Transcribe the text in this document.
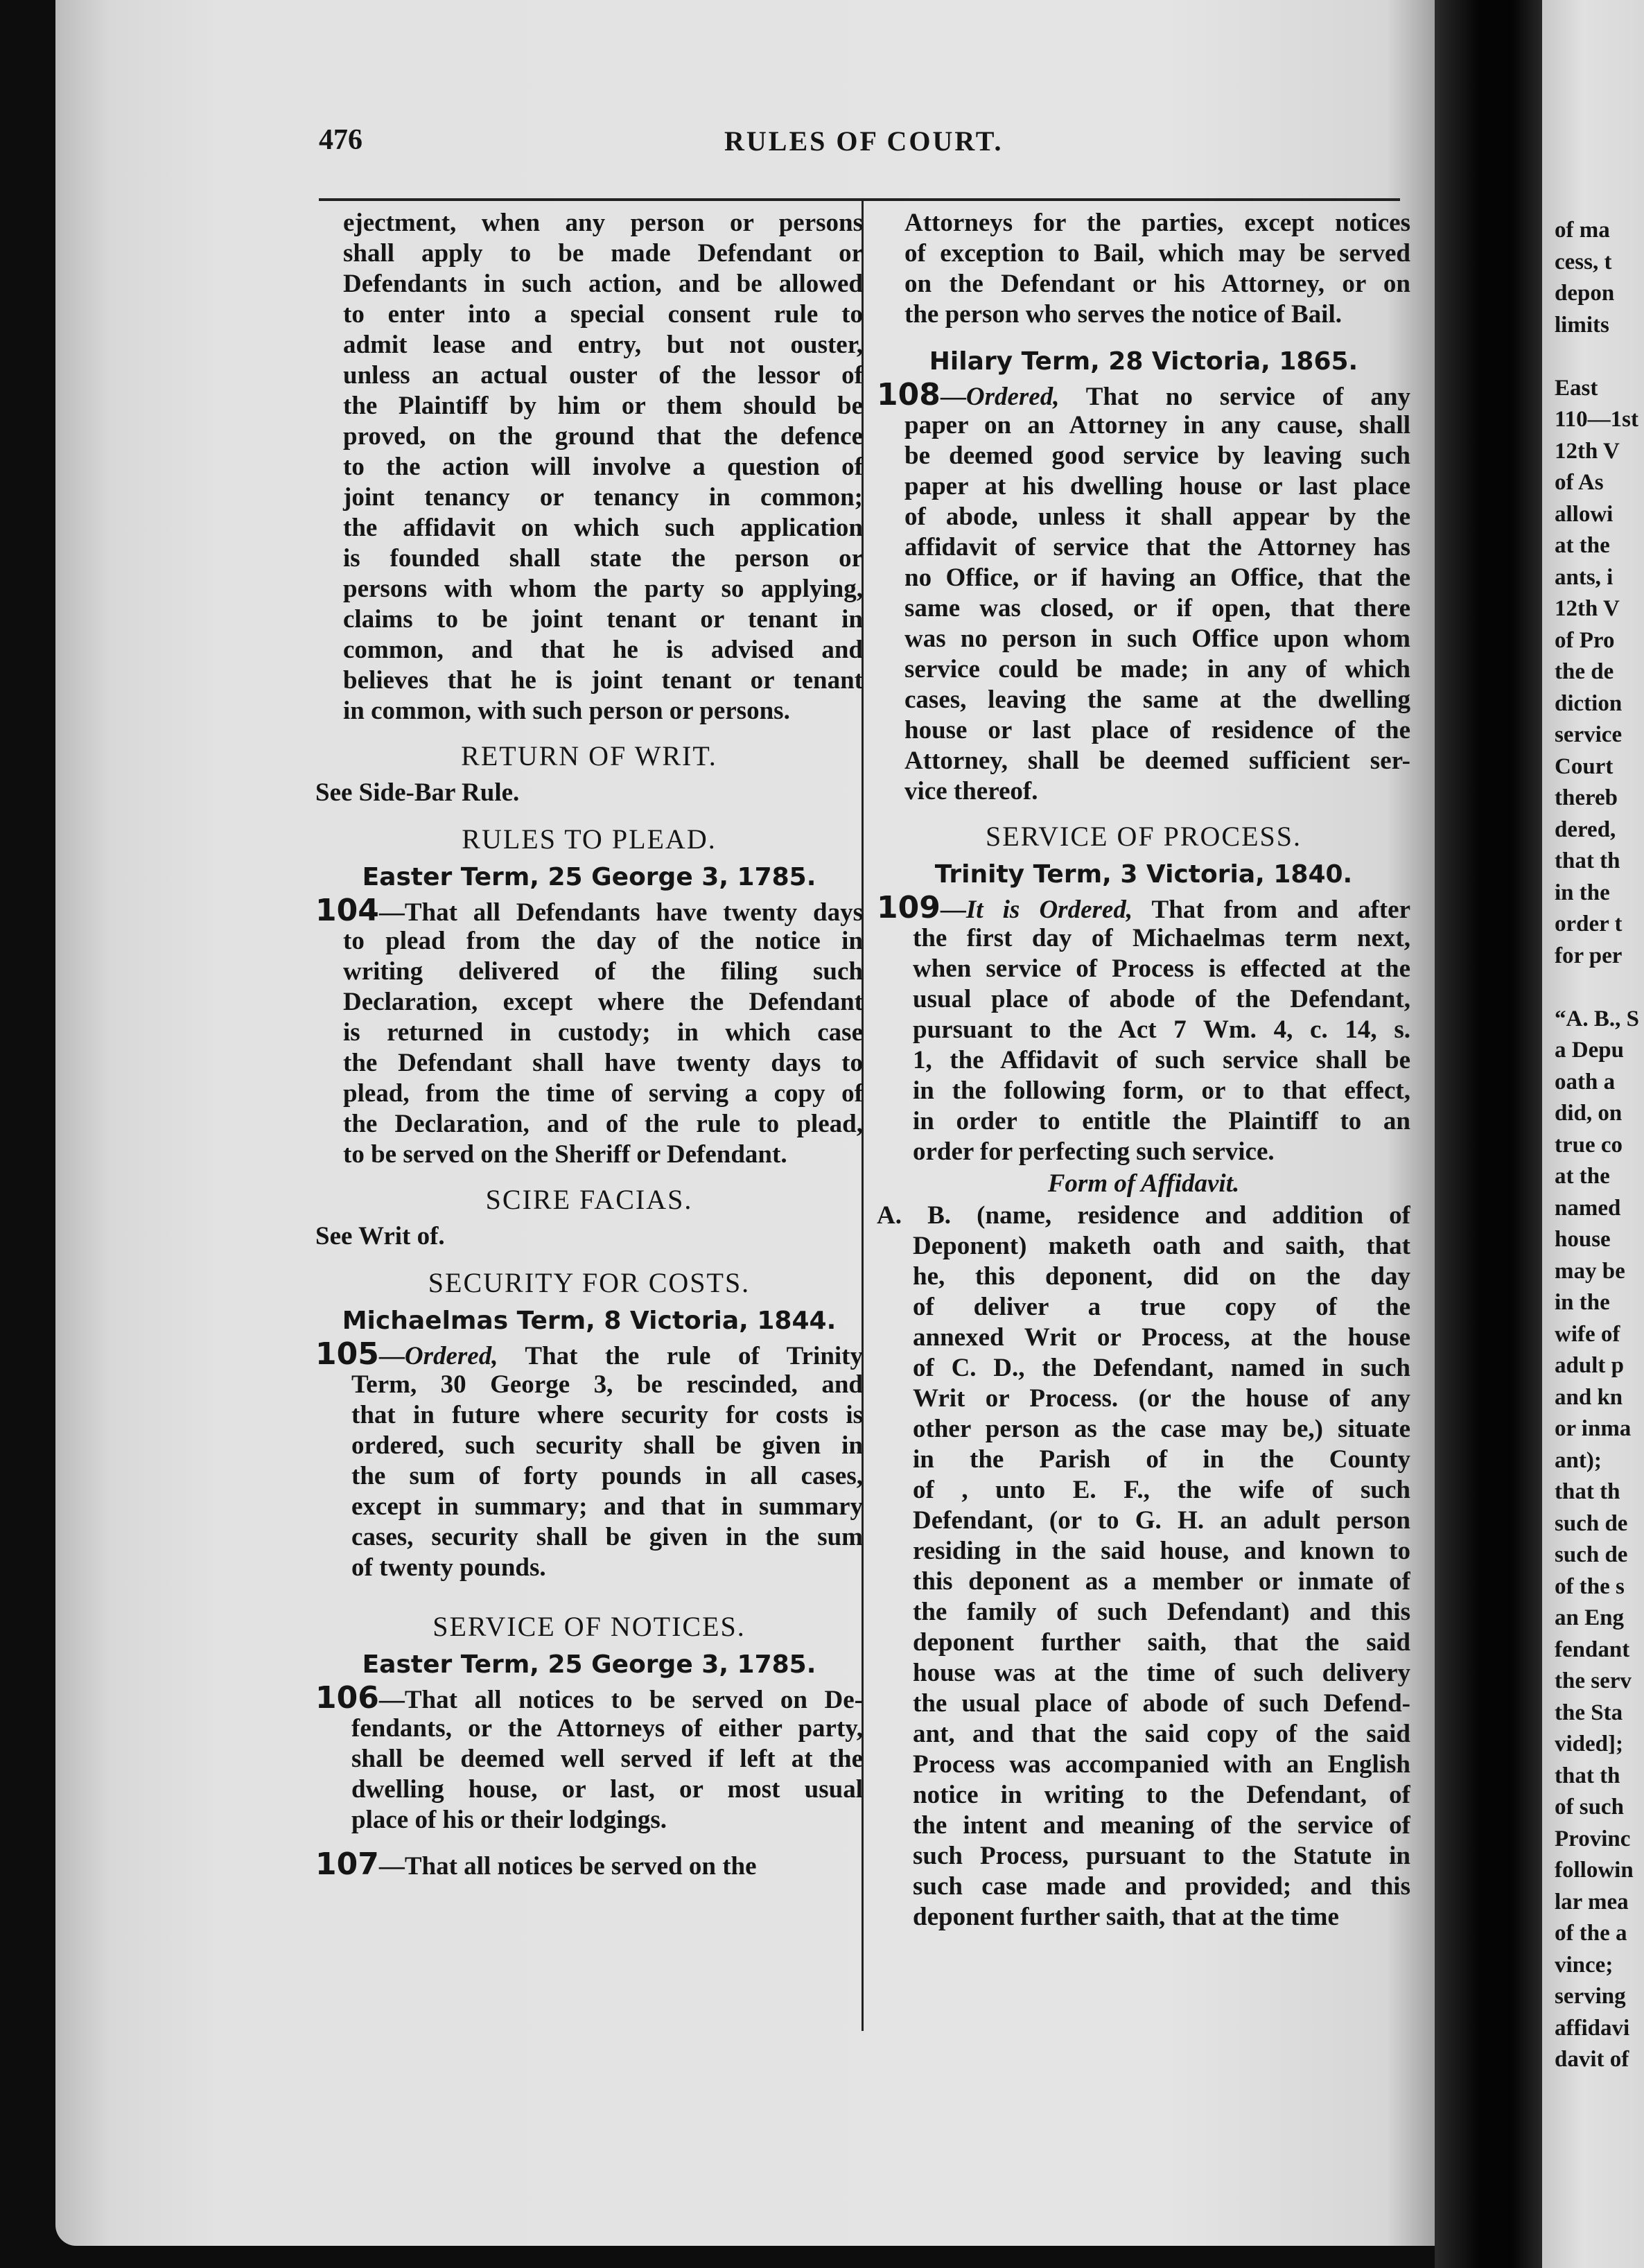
of ma
cess, t
depon
limits
East
110—1st
12th V
of As
allowi
at the
ants, i
12th V
of Pro
the de
diction
service
Court
thereb
dered,
that th
in the
order t
for per
“A. B., S
a Depu
oath a
did, on
true co
at the
named
house
may be
in the
wife of
adult p
and kn
or inma
ant);
that th
such de
such de
of the s
an Eng
fendant
the serv
the Sta
vided];
that th
of such
Provinc
followin
lar mea
of the a
vince;
serving
affidavi
davit of
476	RULES OF COURT.
ejectment, when any person or persons
shall apply to be made Defendant or
Defendants in such action, and be allowed
to enter into a special consent rule to
admit lease and entry, but not ouster,
unless an actual ouster of the lessor of
the Plaintiff by him or them should be
proved, on the ground that the defence
to the action will involve a question of
joint tenancy or tenancy in common;
the affidavit on which such application
is founded shall state the person or
persons with whom the party so applying,
claims to be joint tenant or tenant in
common, and that he is advised and
believes that he is joint tenant or tenant
in common, with such person or persons.
RETURN OF WRIT.
See Side-Bar Rule.
RULES TO PLEAD.
Easter Term, 25 George 3, 1785.
104—That all Defendants have twenty days
to plead from the day of the notice in
writing delivered of the filing such
Declaration, except where the Defendant
is returned in custody; in which case
the Defendant shall have twenty days to
plead, from the time of serving a copy of
the Declaration, and of the rule to plead,
to be served on the Sheriff or Defendant.
SCIRE FACIAS.
See Writ of.
SECURITY FOR COSTS.
Michaelmas Term, 8 Victoria, 1844.
105—Ordered, That the rule of Trinity
Term, 30 George 3, be rescinded, and
that in future where security for costs is
ordered, such security shall be given in
the sum of forty pounds in all cases,
except in summary; and that in summary
cases, security shall be given in the sum
of twenty pounds.
SERVICE OF NOTICES.
Easter Term, 25 George 3, 1785.
106—That all notices to be served on De-
fendants, or the Attorneys of either party,
shall be deemed well served if left at the
dwelling house, or last, or most usual
place of his or their lodgings.
107—That all notices be served on the
Attorneys for the parties, except notices
of exception to Bail, which may be served
on the Defendant or his Attorney, or on
the person who serves the notice of Bail.
Hilary Term, 28 Victoria, 1865.
108—Ordered, That no service of any
paper on an Attorney in any cause, shall
be deemed good service by leaving such
paper at his dwelling house or last place
of abode, unless it shall appear by the
affidavit of service that the Attorney has
no Office, or if having an Office, that the
same was closed, or if open, that there
was no person in such Office upon whom
service could be made; in any of which
cases, leaving the same at the dwelling
house or last place of residence of the
Attorney, shall be deemed sufficient ser-
vice thereof.
SERVICE OF PROCESS.
Trinity Term, 3 Victoria, 1840.
109—It is Ordered, That from and after
the first day of Michaelmas term next,
when service of Process is effected at the
usual place of abode of the Defendant,
pursuant to the Act 7 Wm. 4, c. 14, s.
1, the Affidavit of such service shall be
in the following form, or to that effect,
in order to entitle the Plaintiff to an
order for perfecting such service.
Form of Affidavit.
A. B. (name, residence and addition of
Deponent) maketh oath and saith, that
he, this deponent, did on the day
of deliver a true copy of the
annexed Writ or Process, at the house
of C. D., the Defendant, named in such
Writ or Process. (or the house of any
other person as the case may be,) situate
in the Parish of in the County
of , unto E. F., the wife of such
Defendant, (or to G. H. an adult person
residing in the said house, and known to
this deponent as a member or inmate of
the family of such Defendant) and this
deponent further saith, that the said
house was at the time of such delivery
the usual place of abode of such Defend-
ant, and that the said copy of the said
Process was accompanied with an English
notice in writing to the Defendant, of
the intent and meaning of the service of
such Process, pursuant to the Statute in
such case made and provided; and this
deponent further saith, that at the time
